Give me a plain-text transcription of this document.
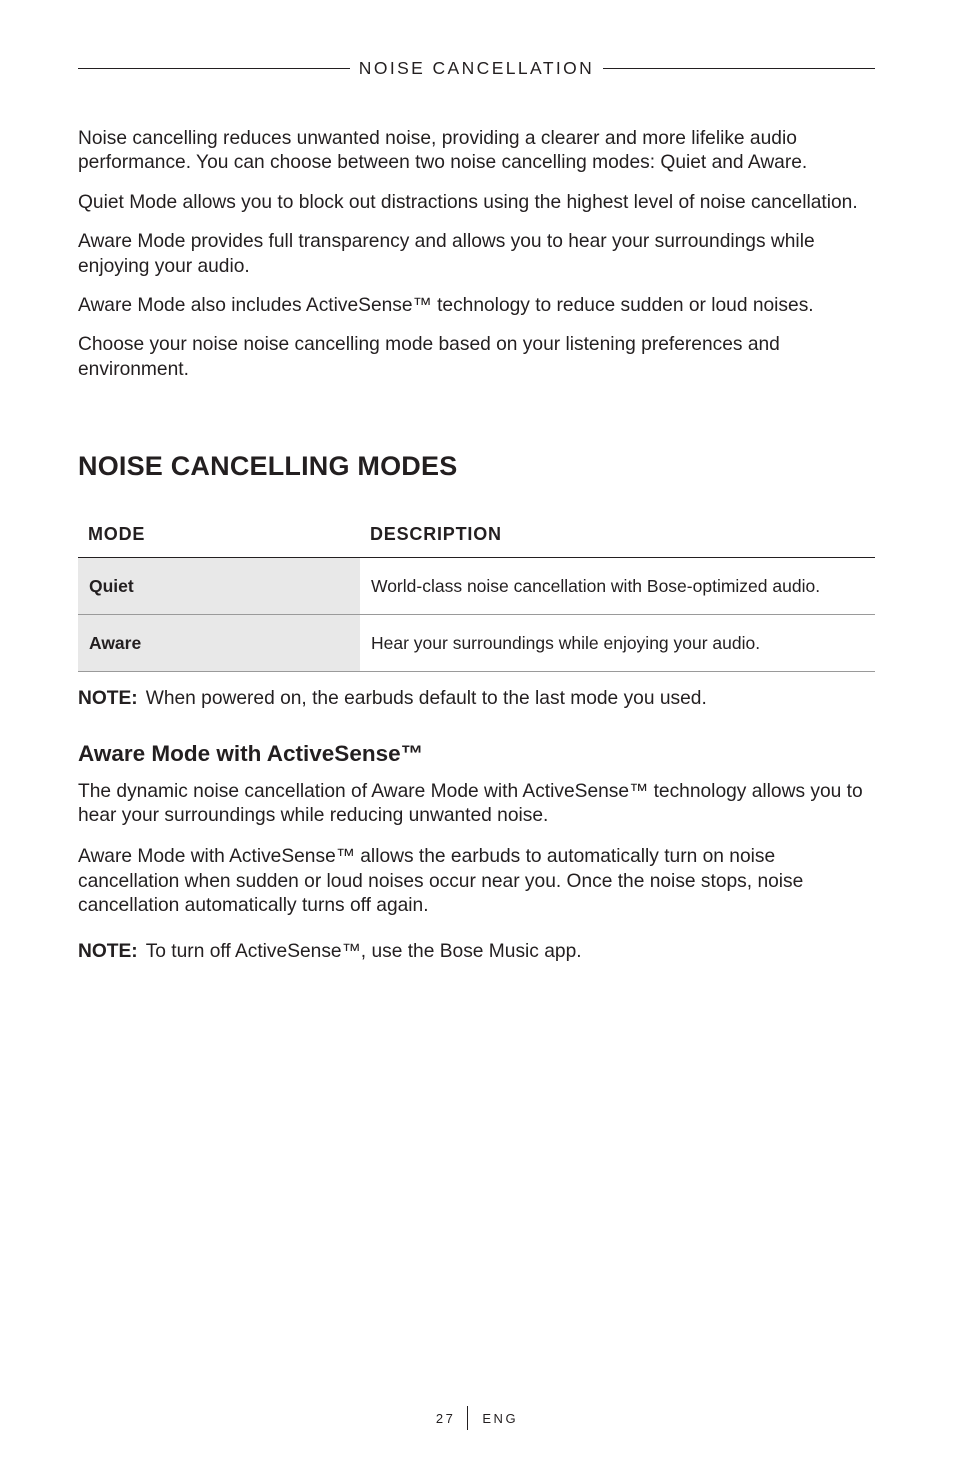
NOISE CANCELLATION

Noise cancelling reduces unwanted noise, providing a clearer and more lifelike audio performance. You can choose between two noise cancelling modes: Quiet and Aware.

Quiet Mode allows you to block out distractions using the highest level of noise cancellation.

Aware Mode provides full transparency and allows you to hear your surroundings while enjoying your audio.

Aware Mode also includes ActiveSense™ technology to reduce sudden or loud noises.

Choose your noise noise cancelling mode based on your listening preferences and environment.

NOISE CANCELLING MODES
MODE	DESCRIPTION
Quiet	World-class noise cancellation with Bose-optimized audio.
Aware	Hear your surroundings while enjoying your audio.

NOTE: When powered on, the earbuds default to the last mode you used.

Aware Mode with ActiveSense™

The dynamic noise cancellation of Aware Mode with ActiveSense™ technology allows you to hear your surroundings while reducing unwanted noise.

Aware Mode with ActiveSense™ allows the earbuds to automatically turn on noise cancellation when sudden or loud noises occur near you. Once the noise stops, noise cancellation automatically turns off again.

NOTE: To turn off ActiveSense™, use the Bose Music app.

27 ENG
